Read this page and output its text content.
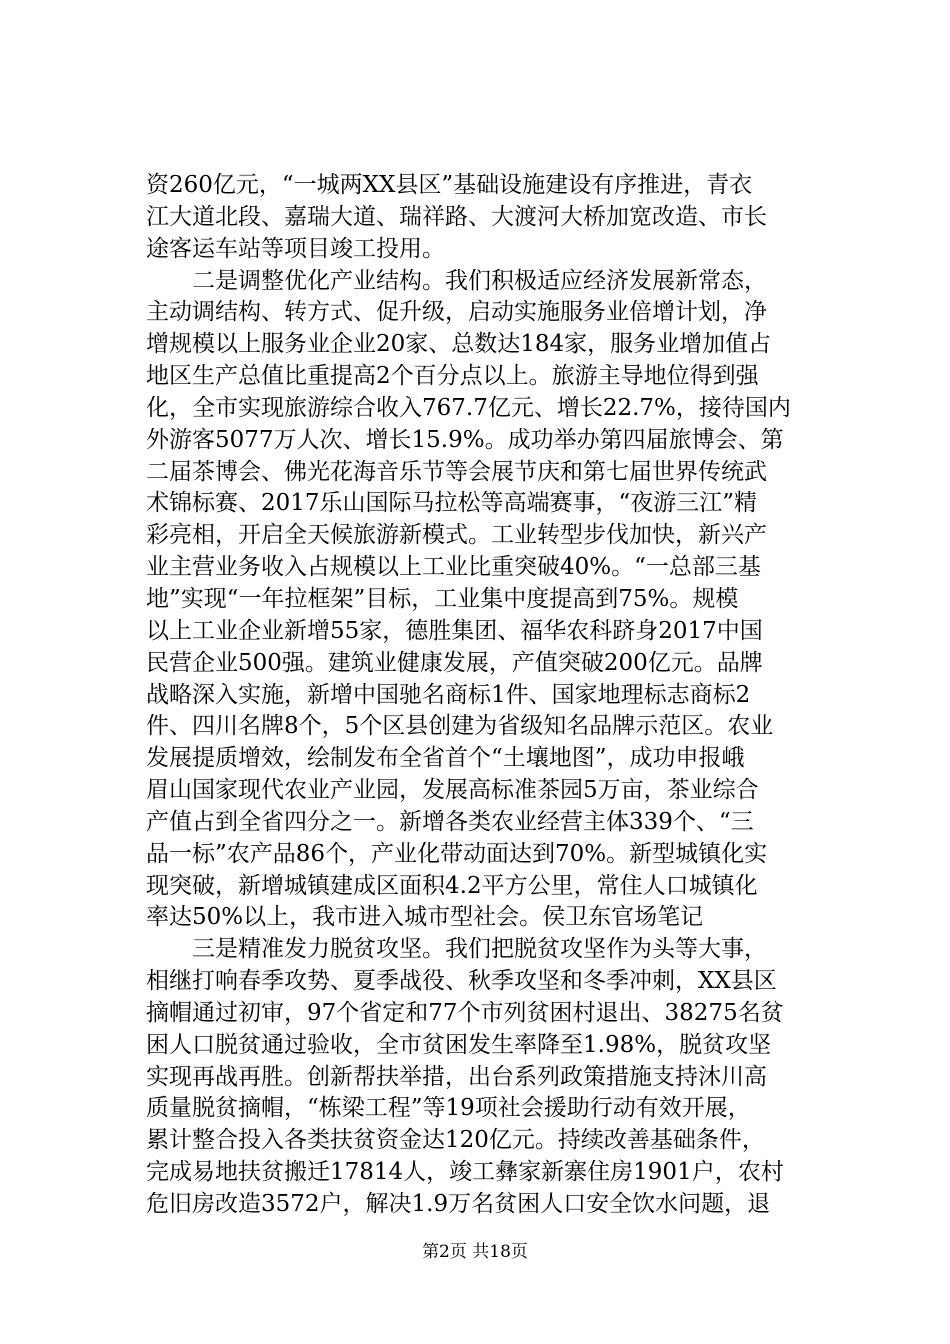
资260亿元，“一城两XX县区”基础设施建设有序推进，青衣
江大道北段、嘉瑞大道、瑞祥路、大渡河大桥加宽改造、市长
途客运车站等项目竣工投用。
　　二是调整优化产业结构。我们积极适应经济发展新常态，
主动调结构、转方式、促升级，启动实施服务业倍增计划，净
增规模以上服务业企业20家、总数达184家，服务业增加值占
地区生产总值比重提高2个百分点以上。旅游主导地位得到强
化，全市实现旅游综合收入767.7亿元、增长22.7%，接待国内
外游客5077万人次、增长15.9%。成功举办第四届旅博会、第
二届茶博会、佛光花海音乐节等会展节庆和第七届世界传统武
术锦标赛、2017乐山国际马拉松等高端赛事，“夜游三江”精
彩亮相，开启全天候旅游新模式。工业转型步伐加快，新兴产
业主营业务收入占规模以上工业比重突破40%。“一总部三基
地”实现“一年拉框架”目标，工业集中度提高到75%。规模
以上工业企业新增55家，德胜集团、福华农科跻身2017中国
民营企业500强。建筑业健康发展，产值突破200亿元。品牌
战略深入实施，新增中国驰名商标1件、国家地理标志商标2
件、四川名牌8个，5个区县创建为省级知名品牌示范区。农业
发展提质增效，绘制发布全省首个“土壤地图”，成功申报峨
眉山国家现代农业产业园，发展高标准茶园5万亩，茶业综合
产值占到全省四分之一。新增各类农业经营主体339个、“三
品一标”农产品86个，产业化带动面达到70%。新型城镇化实
现突破，新增城镇建成区面积4.2平方公里，常住人口城镇化
率达50%以上，我市进入城市型社会。侯卫东官场笔记
　　三是精准发力脱贫攻坚。我们把脱贫攻坚作为头等大事，
相继打响春季攻势、夏季战役、秋季攻坚和冬季冲刺，XX县区
摘帽通过初审，97个省定和77个市列贫困村退出、38275名贫
困人口脱贫通过验收，全市贫困发生率降至1.98%，脱贫攻坚
实现再战再胜。创新帮扶举措，出台系列政策措施支持沐川高
质量脱贫摘帽，“栋梁工程”等19项社会援助行动有效开展，
累计整合投入各类扶贫资金达120亿元。持续改善基础条件，
完成易地扶贫搬迁17814人，竣工彝家新寨住房1901户，农村
危旧房改造3572户，解决1.9万名贫困人口安全饮水问题，退
第2页 共18页
